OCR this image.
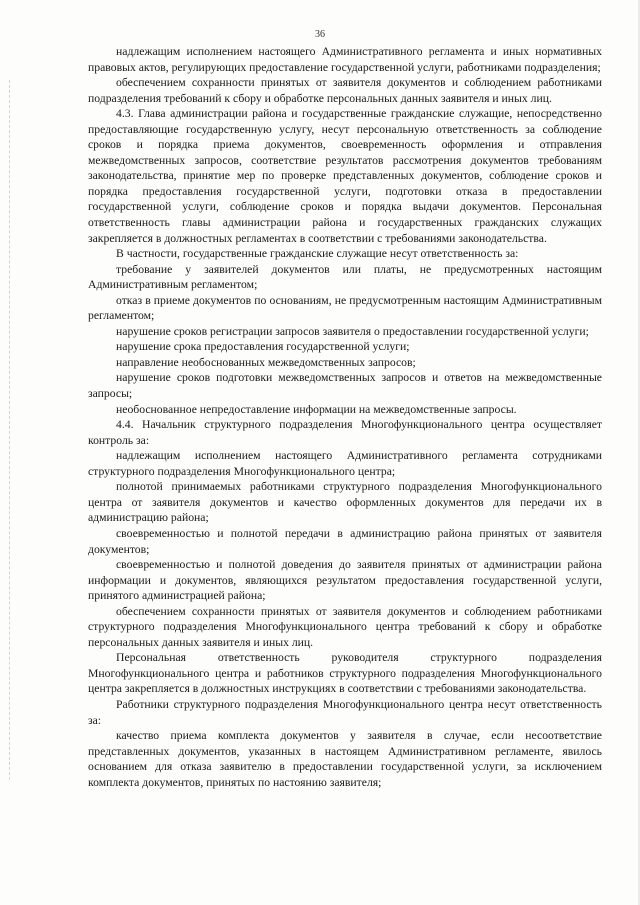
36

надлежащим исполнением настоящего Административного регламента и иных нормативных правовых актов, регулирующих предоставление государственной услуги, работниками подразделения;

обеспечением сохранности принятых от заявителя документов и соблюдением работниками подразделения требований к сбору и обработке персональных данных заявителя и иных лиц.

4.3. Глава администрации района и государственные гражданские служащие, непосредственно предоставляющие государственную услугу, несут персональную ответственность за соблюдение сроков и порядка приема документов, своевременность оформления и отправления межведомственных запросов, соответствие результатов рассмотрения документов требованиям законодательства, принятие мер по проверке представленных документов, соблюдение сроков и порядка предоставления государственной услуги, подготовки отказа в предоставлении государственной услуги, соблюдение сроков и порядка выдачи документов. Персональная ответственность главы администрации района и государственных гражданских служащих закрепляется в должностных регламентах в соответствии с требованиями законодательства.

В частности, государственные гражданские служащие несут ответственность за:

требование у заявителей документов или платы, не предусмотренных настоящим Административным регламентом;

отказ в приеме документов по основаниям, не предусмотренным настоящим Административным регламентом;

нарушение сроков регистрации запросов заявителя о предоставлении государственной услуги;

нарушение срока предоставления государственной услуги;

направление необоснованных межведомственных запросов;

нарушение сроков подготовки межведомственных запросов и ответов на межведомственные запросы;

необоснованное непредоставление информации на межведомственные запросы.

4.4. Начальник структурного подразделения Многофункционального центра осуществляет контроль за:

надлежащим исполнением настоящего Административного регламента сотрудниками структурного подразделения Многофункционального центра;

полнотой принимаемых работниками структурного подразделения Многофункционального центра от заявителя документов и качество оформленных документов для передачи их в администрацию района;

своевременностью и полнотой передачи в администрацию района принятых от заявителя документов;

своевременностью и полнотой доведения до заявителя принятых от администрации района информации и документов, являющихся результатом предоставления государственной услуги, принятого администрацией района;

обеспечением сохранности принятых от заявителя документов и соблюдением работниками структурного подразделения Многофункционального центра требований к сбору и обработке персональных данных заявителя и иных лиц.

Персональная ответственность руководителя структурного подразделения Многофункционального центра и работников структурного подразделения Многофункционального центра закрепляется в должностных инструкциях в соответствии с требованиями законодательства.

Работники структурного подразделения Многофункционального центра несут ответственность за:

качество приема комплекта документов у заявителя в случае, если несоответствие представленных документов, указанных в настоящем Административном регламенте, явилось основанием для отказа заявителю в предоставлении государственной услуги, за исключением комплекта документов, принятых по настоянию заявителя;
